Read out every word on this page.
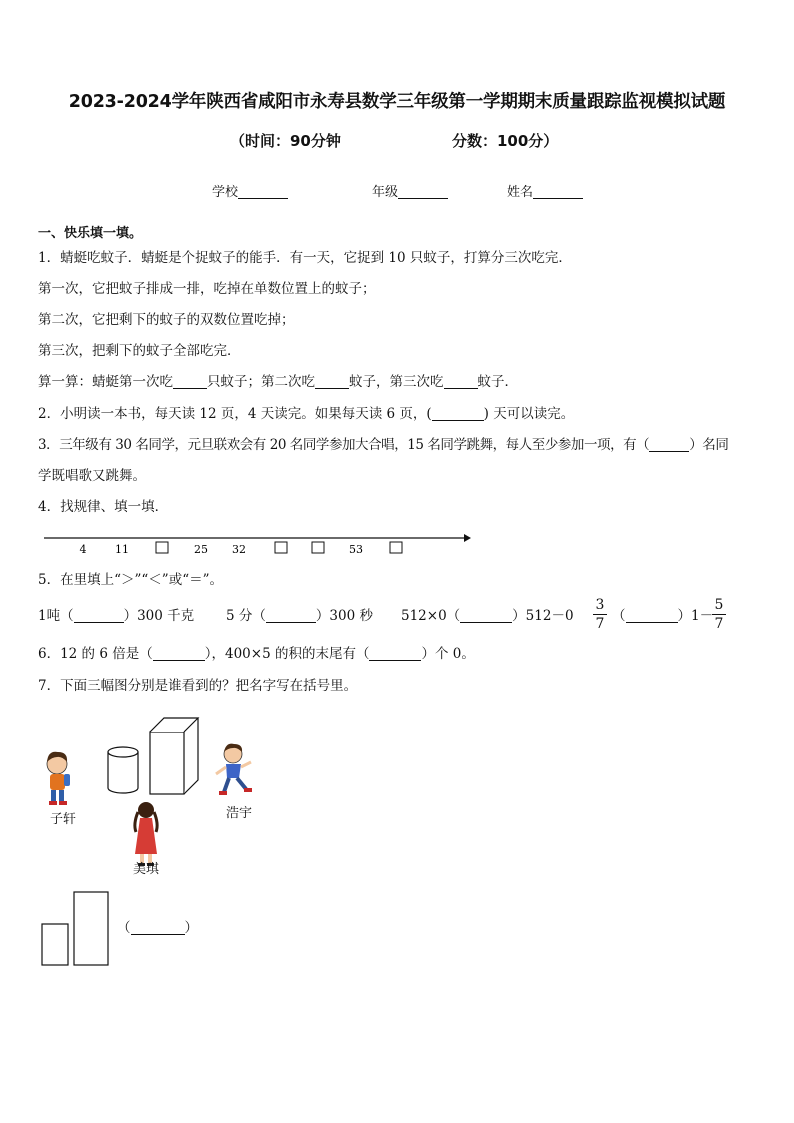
2023-2024学年陕西省咸阳市永寿县数学三年级第一学期期末质量跟踪监视模拟试题
（时间：90分钟	分数：100分）
学校	年级	姓名
一、快乐填一填。
1．蜻蜓吃蚊子．蜻蜓是个捉蚊子的能手．有一天，它捉到 10 只蚊子，打算分三次吃完．
第一次，它把蚊子排成一排，吃掉在单数位置上的蚊子；
第二次，它把剩下的蚊子的双数位置吃掉；
第三次，把剩下的蚊子全部吃完．
算一算：蜻蜓第一次吃	只蚊子；第二次吃	蚊子，第三次吃	蚊子．
2．小明读一本书，每天读 12 页，4 天读完。如果每天读 6 页，(	) 天可以读完。
3．三年级有 30 名同学，元旦联欢会有 20 名同学参加大合唱，15 名同学跳舞，每人至少参加一项，有（	）名同
学既唱歌又跳舞。
4．找规律、填一填．
4	11	25 32	53
5．在里填上“＞”“＜”或“＝”。
1吨（	）300 千克 5 分（	）300 秒 512×0（	）512－0
3
7 （	）1－
5
7
6．12 的 6 倍是（	），400×5 的积的末尾有（	）个 0。
7．下面三幅图分别是谁看到的？把名字写在括号里。
子轩
美琪
浩宇
（	）
